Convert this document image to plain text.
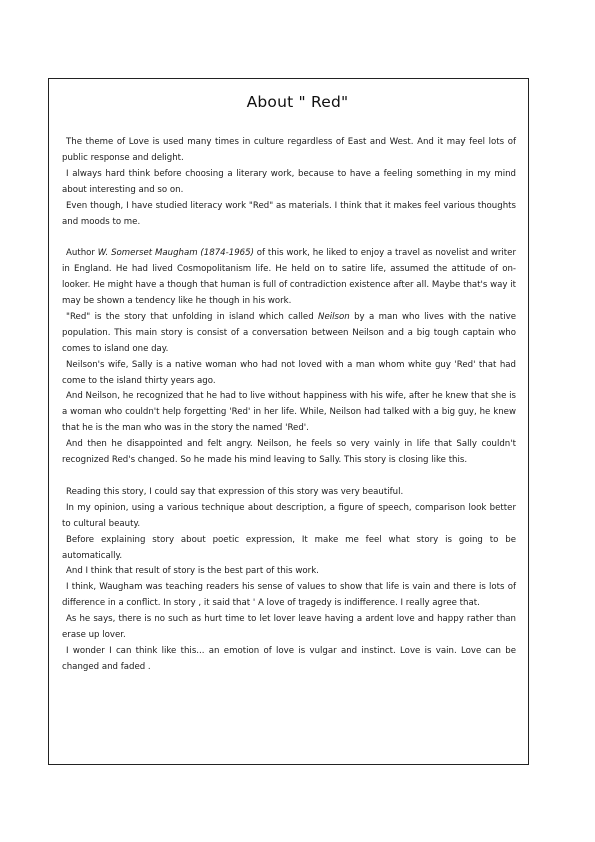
About " Red"

The theme of Love is used many times in culture regardless of East and West. And it may feel lots of public response and delight.

I always hard think before choosing a literary work, because to have a feeling something in my mind about interesting and so on.

Even though, I have studied literacy work "Red" as materials. I think that it makes feel various thoughts and moods to me.

Author W. Somerset Maugham (1874-1965) of this work, he liked to enjoy a travel as novelist and writer in England. He had lived Cosmopolitanism life. He held on to satire life, assumed the attitude of on-looker. He might have a though that human is full of contradiction existence after all. Maybe that's way it may be shown a tendency like he though in his work.

"Red" is the story that unfolding in island which called Neilson by a man who lives with the native population. This main story is consist of a conversation between Neilson and a big tough captain who comes to island one day.

Neilson's wife, Sally is a native woman who had not loved with a man whom white guy 'Red' that had come to the island thirty years ago.

And Neilson, he recognized that he had to live without happiness with his wife, after he knew that she is a woman who couldn't help forgetting 'Red' in her life. While, Neilson had talked with a big guy, he knew that he is the man who was in the story the named 'Red'.

And then he disappointed and felt angry. Neilson, he feels so very vainly in life that Sally couldn't recognized Red's changed. So he made his mind leaving to Sally. This story is closing like this.

Reading this story, I could say that expression of this story was very beautiful.

In my opinion, using a various technique about description, a figure of speech, comparison look better to cultural beauty.

Before explaining story about poetic expression, It make me feel what story is going to be automatically.

And I think that result of story is the best part of this work.

I think, Waugham was teaching readers his sense of values to show that life is vain and there is lots of difference in a conflict. In story , it said that ' A love of tragedy is indifference. I really agree that.

As he says, there is no such as hurt time to let lover leave having a ardent love and happy rather than erase up lover.

I wonder I can think like this... an emotion of love is vulgar and instinct. Love is vain. Love can be changed and faded .
